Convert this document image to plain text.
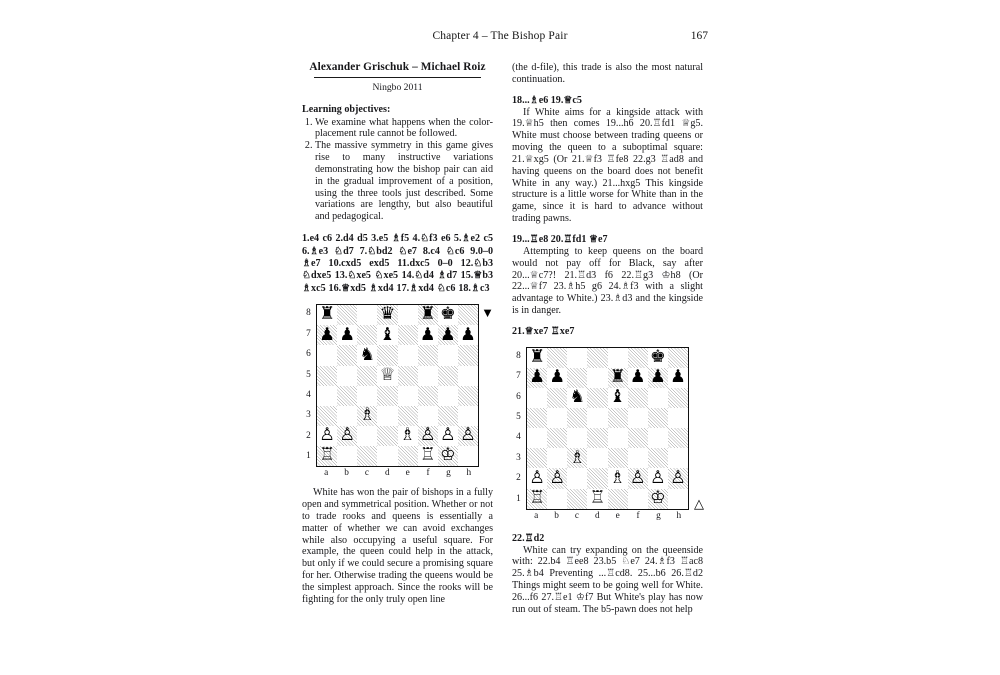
Chapter 4 – The Bishop Pair	167
Alexander Grischuk – Michael Roiz
Ningbo 2011
Learning objectives:
1. We examine what happens when the color-placement rule cannot be followed.
2. The massive symmetry in this game gives rise to many instructive variations demonstrating how the bishop pair can aid in the gradual improvement of a position, using the three tools just described. Some variations are lengthy, but also beautiful and pedagogical.
1.e4 c6 2.d4 d5 3.e5 ♗f5 4.♘f3 e6 5.♗e2 c5 6.♗e3 ♘d7 7.♘bd2 ♘e7 8.c4 ♘c6 9.0–0 ♗e7 10.cxd5 exd5 11.dxc5 0–0 12.♘b3 ♘dxe5 13.♘xe5 ♘xe5 14.♘d4 ♗d7 15.♕b3 ♗xc5 16.♕xd5 ♗xd4 17.♗xd4 ♘c6 18.♗c3
8
7
6
5
4
3
2
1
♜	♛ ♜ ♚
♟ ♟ ♝ ♟ ♟ ♟
♞
♕
♗
♙ ♙	♗ ♙ ♙ ♙
♖	♖ ♔
a	b	c	d	e	f	g	h
▼

White has won the pair of bishops in a fully open and symmetrical position. Whether or not to trade rooks and queens is essentially a matter of whether we can avoid exchanges while also occupying a useful square. For example, the queen could help in the attack, but only if we could secure a promising square for her. Otherwise trading the queens would be the simplest approach. Since the rooks will be fighting for the only truly open line

(the d-file), this trade is also the most natural continuation.

18...♗e6 19.♕c5

If White aims for a kingside attack with 19.♕h5 then comes 19...h6 20.♖fd1 ♕g5. White must choose between trading queens or moving the queen to a suboptimal square: 21.♕xg5 (Or 21.♕f3 ♖fe8 22.g3 ♖ad8 and having queens on the board does not benefit White in any way.) 21...hxg5 This kingside structure is a little worse for White than in the game, since it is hard to advance without trading pawns.

19...♖e8 20.♖fd1 ♕e7

Attempting to keep queens on the board would not pay off for Black, say after 20...♕c7?! 21.♖d3 f6 22.♖g3 ♔h8 (Or 22...♕f7 23.♗h5 g6 24.♗f3 with a slight advantage to White.) 23.♗d3 and the kingside is in danger.

21.♕xe7 ♖xe7
8
7
6
5
4
3
2
1
♜	♚
♟ ♟	♜ ♟ ♟ ♟
♞ ♝
♗
♙ ♙	♗ ♙ ♙ ♙
♖	♖	♔
a	b	c	d	e	f	g	h
△
22.♖d2

White can try expanding on the queenside with: 22.b4 ♖ee8 23.b5 ♘e7 24.♗f3 ♖ac8 25.♗b4 Preventing ...♖cd8. 25...b6 26.♖d2 Things might seem to be going well for White. 26...f6 27.♖e1 ♔f7 But White's play has now run out of steam. The b5-pawn does not help
